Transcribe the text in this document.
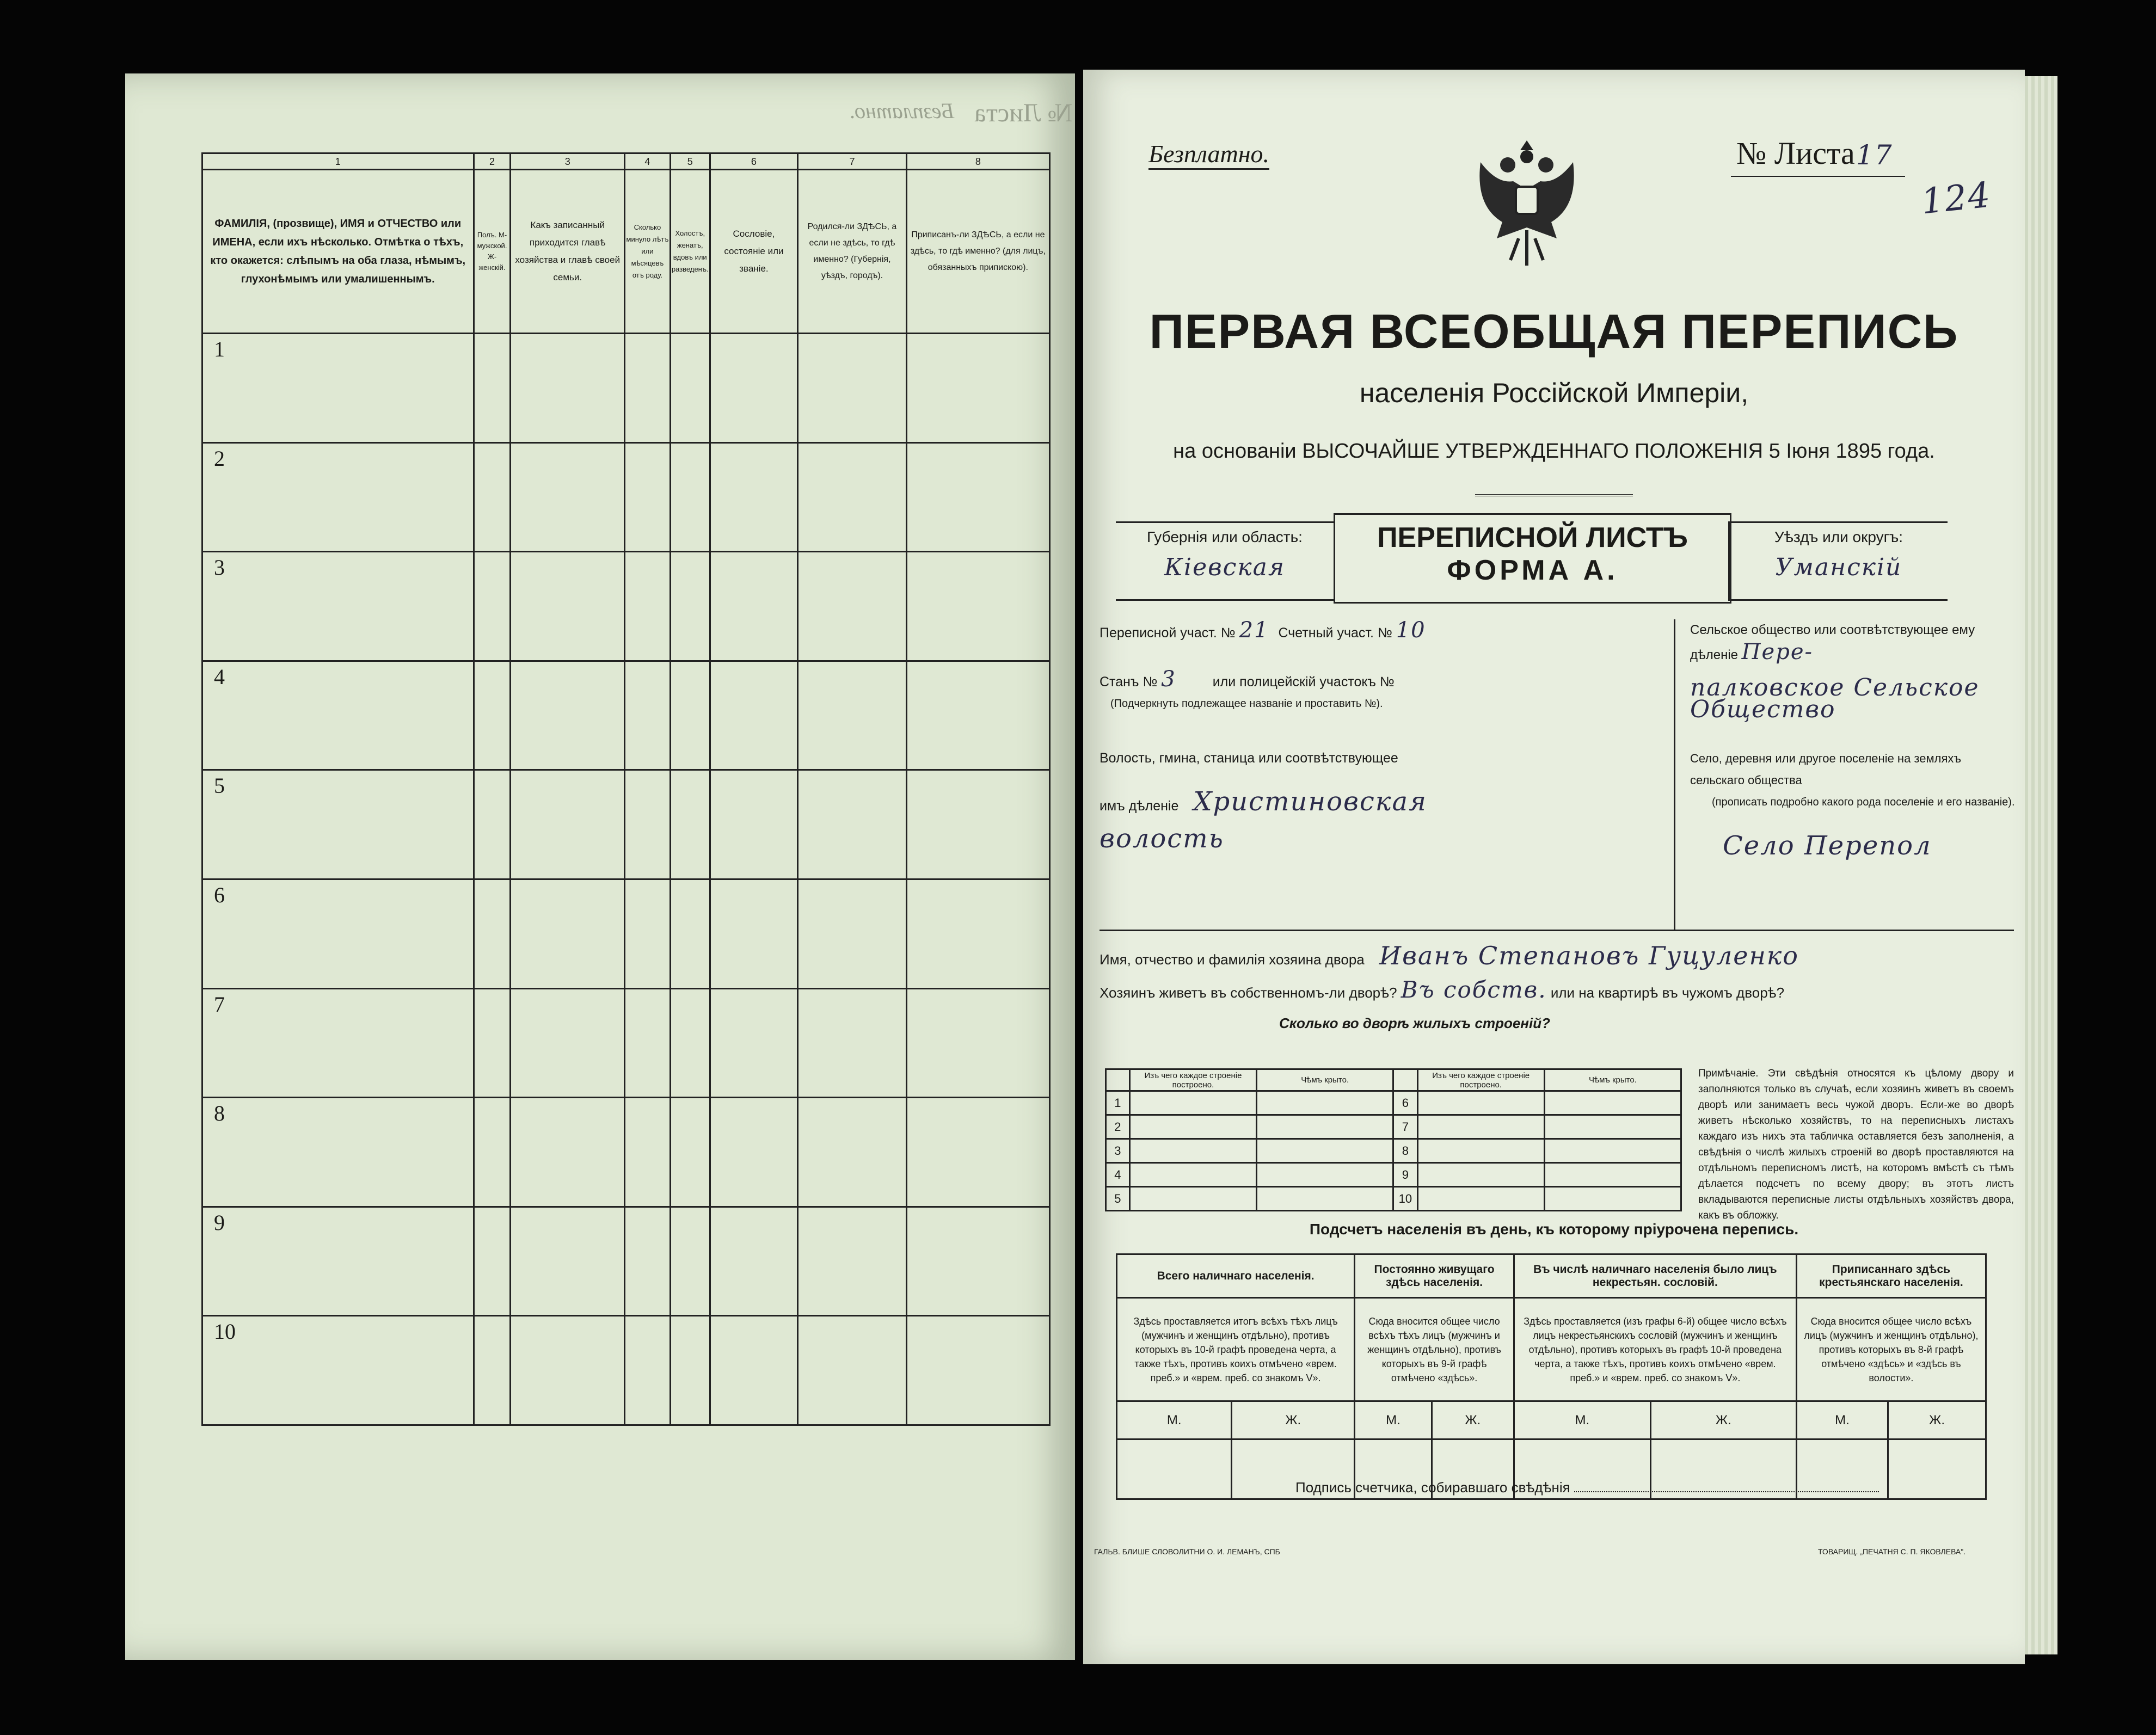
Безплатно. № Листа
1	2	3	4	5	6	7	8
ФАМИЛІЯ, (прозвище), ИМЯ и ОТЧЕСТВО или ИМЕНА, если ихъ нѣсколько. Отмѣтка о тѣхъ, кто окажется: слѣпымъ на оба глаза, нѣмымъ, глухонѣмымъ или умалишеннымъ.	Полъ. М-мужской. Ж-женскій.	Какъ записанный приходится главѣ хозяйства и главѣ своей семьи.	Сколько минуло лѣтъ или мѣсяцевъ отъ роду.	Холостъ, женатъ, вдовъ или разведенъ.	Сословіе, состояніе или званіе.	Родился-ли ЗДѢСЬ, а если не здѣсь, то гдѣ именно? (Губернія, уѣздъ, городъ).	Приписанъ-ли ЗДѢСЬ, а если не здѣсь, то гдѣ именно? (для лицъ, обязанныхъ припискою).
1							
2							
3							
4							
5							
6							
7							
8							
9							
10							
Безплатно.	№ Листа 17
124
ПЕРВАЯ ВСЕОБЩАЯ ПЕРЕПИСЬ
населенія Россійской Имперіи,
на основаніи ВЫСОЧАЙШЕ УТВЕРЖДЕННАГО ПОЛОЖЕНІЯ 5 Іюня 1895 года.
Губернія или область:
Кіевская
ПЕРЕПИСНОЙ ЛИСТЪ
ФОРМА А.
Уѣздъ или округъ:
Уманскій
Переписной участ. № 21 Счетный участ. № 10
Станъ № 3	или полицейскій участокъ №
(Подчеркнуть подлежащее названіе и проставить №).
Волость, гмина, станица или соотвѣтствующее
имъ дѣленіе Христиновская
волость
Сельское общество или соотвѣтствующее ему дѣленіе Пере-
палковское Сельское Общество
Село, деревня или другое поселеніе на земляхъ сельскаго общества
(прописать подробно какого рода поселеніе и его названіе).
Село Перепол
Имя, отчество и фамилія хозяина двора Иванъ Степановъ Гуцуленко
Хозяинъ живетъ въ собственномъ-ли дворѣ? Въ собств. или на квартирѣ въ чужомъ дворѣ?
Сколько во дворѣ жилыхъ строеній?
	Изъ чего каждое строеніе построено.	Чѣмъ крыто.		Изъ чего каждое строеніе построено.	Чѣмъ крыто.
1			6		
2			7		
3			8		
4			9		
5			10		
Примѣчаніе. Эти свѣдѣнія относятся къ цѣлому двору и заполняются только въ случаѣ, если хозяинъ живетъ въ своемъ дворѣ или занимаетъ весь чужой дворъ. Если-же во дворѣ живетъ нѣсколько хозяйствъ, то на переписныхъ листахъ каждаго изъ нихъ эта табличка оставляется безъ заполненія, а свѣдѣнія о числѣ жилыхъ строеній во дворѣ проставляются на отдѣльномъ переписномъ листѣ, на которомъ вмѣстѣ съ тѣмъ дѣлается подсчетъ по всему двору; въ этотъ листъ вкладываются переписные листы отдѣльныхъ хозяйствъ двора, какъ въ обложку.
Подсчетъ населенія въ день, къ которому пріурочена перепись.
Всего наличнаго населенія.		Постоянно живущаго здѣсь населенія.		Въ числѣ наличнаго населенія было лицъ некрестьян. сословій.		Приписаннаго здѣсь крестьянскаго населенія.	
Здѣсь проставляется итогъ всѣхъ тѣхъ лицъ (мужчинъ и женщинъ отдѣльно), противъ которыхъ въ 10-й графѣ проведена черта, а также тѣхъ, противъ коихъ отмѣчено «врем. преб.» и «врем. преб. со знакомъ V».		Сюда вносится общее число всѣхъ тѣхъ лицъ (мужчинъ и женщинъ отдѣльно), противъ которыхъ въ 9-й графѣ отмѣчено «здѣсь».		Здѣсь проставляется (изъ графы 6-й) общее число всѣхъ лицъ некрестьянскихъ сословій (мужчинъ и женщинъ отдѣльно), противъ которыхъ въ графѣ 10-й проведена черта, а также тѣхъ, противъ коихъ отмѣчено «врем. преб.» и «врем. преб. со знакомъ V».		Сюда вносится общее число всѣхъ лицъ (мужчинъ и женщинъ отдѣльно), противъ которыхъ въ 8-й графѣ отмѣчено «здѣсь» и «здѣсь въ волости».	
М.	Ж.	М.	Ж.	М.	Ж.	М.	Ж.

Подпись счетчика, собиравшаго свѣдѣнія
ГАЛЬВ. БЛИШЕ СЛОВОЛИТНИ О. И. ЛЕМАНЪ, СПБ	ТОВАРИЩ. „ПЕЧАТНЯ С. П. ЯКОВЛЕВА".
